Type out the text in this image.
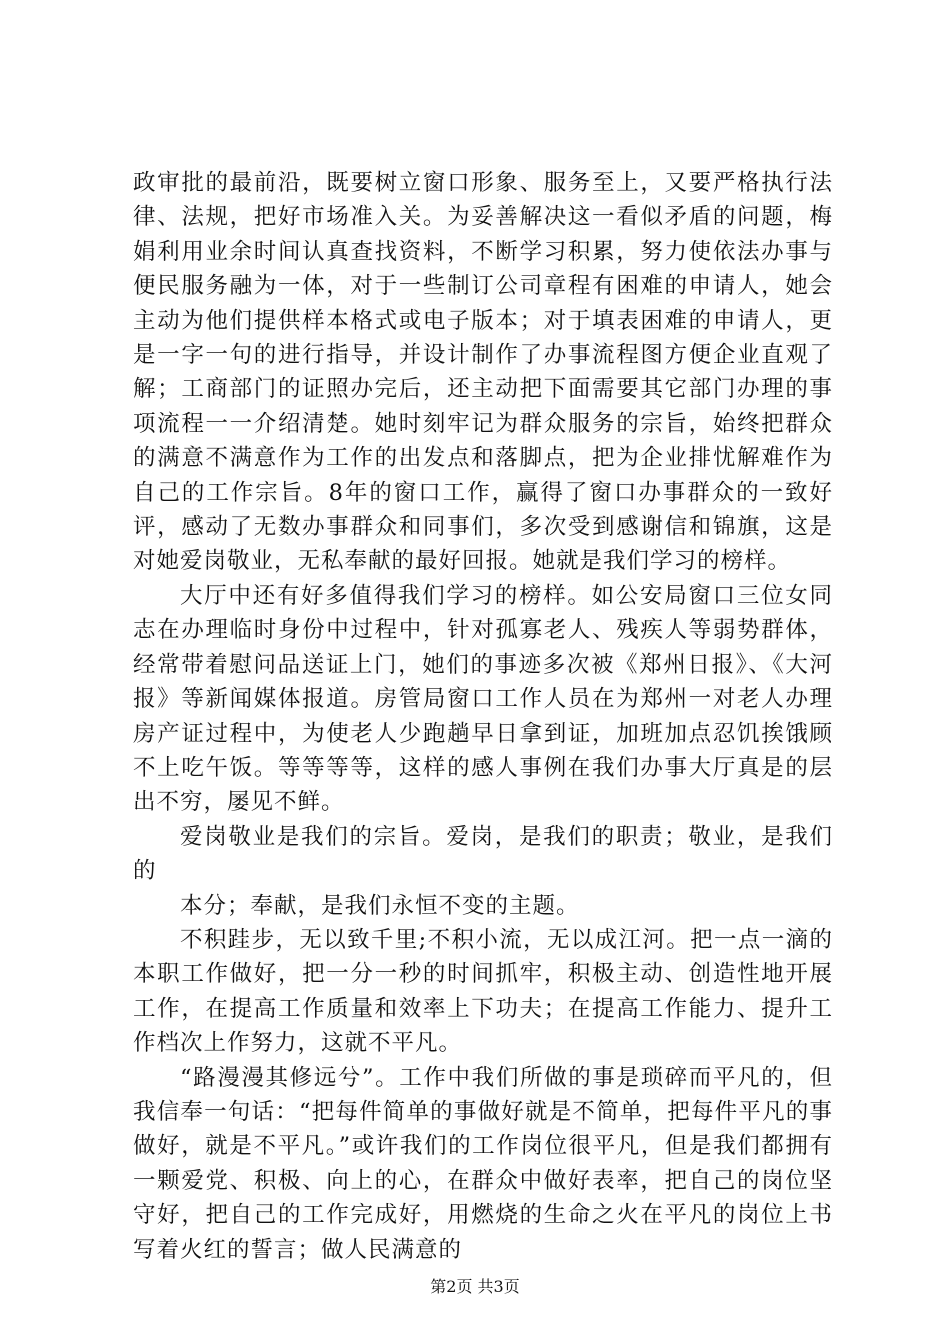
政审批的最前沿，既要树立窗口形象、服务至上，又要严格执行法律、法规，把好市场准入关。为妥善解决这一看似矛盾的问题，梅娟利用业余时间认真查找资料，不断学习积累，努力使依法办事与便民服务融为一体，对于一些制订公司章程有困难的申请人，她会主动为他们提供样本格式或电子版本；对于填表困难的申请人，更是一字一句的进行指导，并设计制作了办事流程图方便企业直观了解；工商部门的证照办完后，还主动把下面需要其它部门办理的事项流程一一介绍清楚。她时刻牢记为群众服务的宗旨，始终把群众的满意不满意作为工作的出发点和落脚点，把为企业排忧解难作为自己的工作宗旨。8年的窗口工作，赢得了窗口办事群众的一致好评，感动了无数办事群众和同事们，多次受到感谢信和锦旗，这是对她爱岗敬业，无私奉献的最好回报。她就是我们学习的榜样。

大厅中还有好多值得我们学习的榜样。如公安局窗口三位女同志在办理临时身份中过程中，针对孤寡老人、残疾人等弱势群体，经常带着慰问品送证上门，她们的事迹多次被《郑州日报》、《大河报》等新闻媒体报道。房管局窗口工作人员在为郑州一对老人办理房产证过程中，为使老人少跑趟早日拿到证，加班加点忍饥挨饿顾不上吃午饭。等等等等，这样的感人事例在我们办事大厅真是的层出不穷，屡见不鲜。

爱岗敬业是我们的宗旨。爱岗，是我们的职责；敬业，是我们的

本分；奉献，是我们永恒不变的主题。

不积跬步，无以致千里;不积小流，无以成江河。把一点一滴的本职工作做好，把一分一秒的时间抓牢，积极主动、创造性地开展工作，在提高工作质量和效率上下功夫；在提高工作能力、提升工作档次上作努力，这就不平凡。

“路漫漫其修远兮”。工作中我们所做的事是琐碎而平凡的，但我信奉一句话：“把每件简单的事做好就是不简单，把每件平凡的事做好，就是不平凡。”或许我们的工作岗位很平凡，但是我们都拥有一颗爱党、积极、向上的心，在群众中做好表率，把自己的岗位坚守好，把自己的工作完成好，用燃烧的生命之火在平凡的岗位上书写着火红的誓言；做人民满意的

第2页 共3页
